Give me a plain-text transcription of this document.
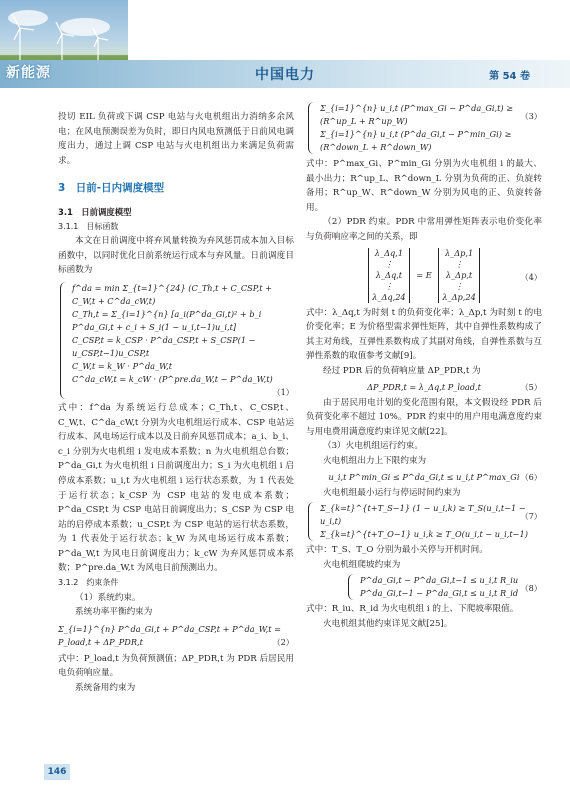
新能源	中国电力	第 54 卷

投切 EIL 负荷或下调 CSP 电站与火电机组出力消纳多余风电；在风电预测误差为负时，即日内风电预测低于日前风电调度出力，通过上调 CSP 电站与火电机组出力来满足负荷需求。

3　日前-日内调度模型
3.1　日前调度模型
3.1.1　目标函数

本文在日前调度中将弃风量转换为弃风惩罚成本加入目标函数中，以同时优化日前系统运行成本与弃风量。日前调度目标函数为

f^da = min Σ_{t=1}^{24} (C_Th,t + C_CSP,t + C_W,t + C^da_cW,t)
C_Th,t = Σ_{i=1}^{n} [a_i(P^da_Gi,t)² + b_i P^da_Gi,t + c_i + S_i(1 − u_i,t−1)u_i,t]
C_CSP,t = k_CSP · P^da_CSP,t + S_CSP(1 − u_CSP,t−1)u_CSP,t
C_W,t = k_W · P^da_W,t
C^da_cW,t = k_cW · (P^pre.da_W,t − P^da_W,t)
（1）

式中：f^da 为系统运行总成本；C_Th,t、C_CSP,t、C_W,t、C^da_cW,t 分别为火电机组运行成本、CSP 电站运行成本、风电场运行成本以及日前弃风惩罚成本；a_i、b_i、c_i 分别为火电机组 i 发电成本系数；n 为火电机组总台数；P^da_Gi,t 为火电机组 i 日前调度出力；S_i 为火电机组 i 启停成本系数；u_i,t 为火电机组 i 运行状态系数，为 1 代表处于运行状态；k_CSP 为 CSP 电站的发电成本系数；P^da_CSP,t 为 CSP 电站日前调度出力；S_CSP 为 CSP 电站的启停成本系数；u_CSP,t 为 CSP 电站的运行状态系数，为 1 代表处于运行状态；k_W 为风电场运行成本系数；P^da_W,t 为风电日前调度出力；k_cW 为弃风惩罚成本系数；P^pre.da_W,t 为风电日前预测出力。

3.1.2　约束条件

（1）系统约束。

系统功率平衡约束为

Σ_{i=1}^{n} P^da_Gi,t + P^da_CSP,t + P^da_W,t = P_load,t + ΔP_PDR,t	（2）

式中：P_load,t 为负荷预测值；ΔP_PDR,t 为 PDR 后居民用电负荷响应量。

系统备用约束为

Σ_{i=1}^{n} u_i,t (P^max_Gi − P^da_Gi,t) ≥ (R^up_L + R^up_W)
Σ_{i=1}^{n} u_i,t (P^da_Gi,t − P^min_Gi) ≥ (R^down_L + R^down_W)
（3）

式中：P^max_Gi、P^min_Gi 分别为火电机组 i 的最大、最小出力；R^up_L、R^down_L 分别为负荷的正、负旋转备用；R^up_W、R^down_W 分别为风电的正、负旋转备用。

（2）PDR 约束。PDR 中常用弹性矩阵表示电价变化率与负荷响应率之间的关系，即

λ_Δq,1
⋮
λ_Δq,t
⋮
λ_Δq,24
= E
λ_Δp,1
⋮
λ_Δp,t
⋮
λ_Δp,24
（4）

式中：λ_Δq,t 为时刻 t 的负荷变化率；λ_Δp,t 为时刻 t 的电价变化率；E 为价格型需求弹性矩阵，其中自弹性系数构成了其主对角线，互弹性系数构成了其副对角线，自弹性系数与互弹性系数的取值参考文献[9]。

经过 PDR 后的负荷响应量 ΔP_PDR,t 为

ΔP_PDR,t = λ_Δq,t P_load,t	（5）

由于居民用电计划的变化范围有限，本文假设经 PDR 后负荷变化率不超过 10%。PDR 约束中的用户用电满意度约束与用电费用满意度约束详见文献[22]。

（3）火电机组运行约束。

火电机组出力上下限约束为

u_i,t P^min_Gi ≤ P^da_Gi,t ≤ u_i,t P^max_Gi （6）

火电机组最小运行与停运时间约束为

Σ_{k=t}^{t+T_S−1} (1 − u_i,k) ≥ T_S(u_i,t−1 − u_i,t)
Σ_{k=t}^{t+T_O−1} u_i,k ≥ T_O(u_i,t − u_i,t−1)
（7）

式中：T_S、T_O 分别为最小关停与开机时间。

火电机组爬坡约束为

P^da_Gi,t − P^da_Gi,t−1 ≤ u_i,t R_iu
P^da_Gi,t−1 − P^da_Gi,t ≤ u_i,t R_id （8）

式中：R_iu、R_id 为火电机组 i 的上、下爬坡率限值。

火电机组其他约束详见文献[25]。

146
